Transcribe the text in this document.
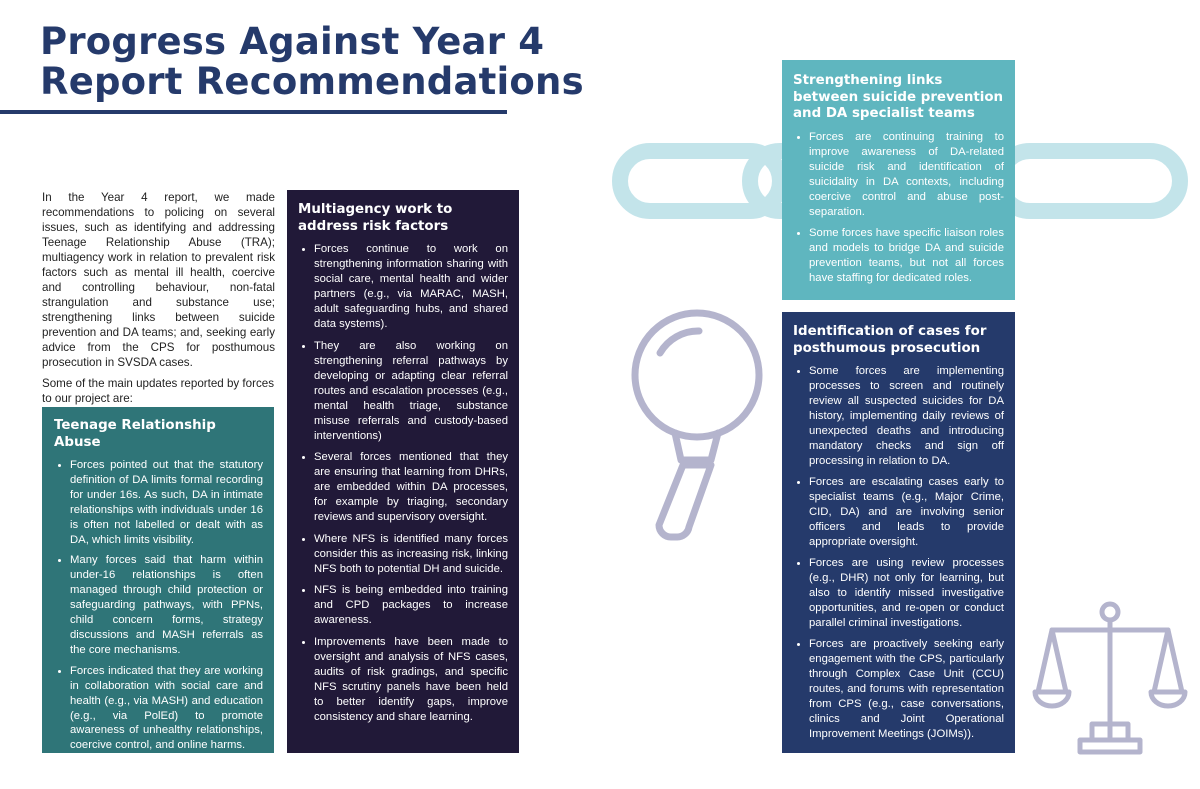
Progress Against Year 4
Report Recommendations

In the Year 4 report, we made recommendations to policing on several issues, such as identifying and addressing Teenage Relationship Abuse (TRA); multiagency work in relation to prevalent risk factors such as mental ill health, coercive and controlling behaviour, non-fatal strangulation and substance use; strengthening links between suicide prevention and DA teams; and, seeking early advice from the CPS for posthumous prosecution in SVSDA cases.

Some of the main updates reported by forces to our project are:

Teenage Relationship Abuse
• Forces pointed out that the statutory definition of DA limits formal recording for under 16s. As such, DA in intimate relationships with individuals under 16 is often not labelled or dealt with as DA, which limits visibility.
• Many forces said that harm within under-16 relationships is often managed through child protection or safeguarding pathways, with PPNs, child concern forms, strategy discussions and MASH referrals as the core mechanisms.
• Forces indicated that they are working in collaboration with social care and health (e.g., via MASH) and education (e.g., via PolEd) to promote awareness of unhealthy relationships, coercive control, and online harms.
Multiagency work to address risk factors
• Forces continue to work on strengthening information sharing with social care, mental health and wider partners (e.g., via MARAC, MASH, adult safeguarding hubs, and shared data systems).
• They are also working on strengthening referral pathways by developing or adapting clear referral routes and escalation processes (e.g., mental health triage, substance misuse referrals and custody-based interventions)
• Several forces mentioned that they are ensuring that learning from DHRs, are embedded within DA processes, for example by triaging, secondary reviews and supervisory oversight.
• Where NFS is identified many forces consider this as increasing risk, linking NFS both to potential DH and suicide.
• NFS is being embedded into training and CPD packages to increase awareness.
• Improvements have been made to oversight and analysis of NFS cases, audits of risk gradings, and specific NFS scrutiny panels have been held to better identify gaps, improve consistency and share learning.
Strengthening links between suicide prevention and DA specialist teams
• Forces are continuing training to improve awareness of DA-related suicide risk and identification of suicidality in DA contexts, including coercive control and abuse post-separation.
• Some forces have specific liaison roles and models to bridge DA and suicide prevention teams, but not all forces have staffing for dedicated roles.
Identification of cases for posthumous prosecution
• Some forces are implementing processes to screen and routinely review all suspected suicides for DA history, implementing daily reviews of unexpected deaths and introducing mandatory checks and sign off processing in relation to DA.
• Forces are escalating cases early to specialist teams (e.g., Major Crime, CID, DA) and are involving senior officers and leads to provide appropriate oversight.
• Forces are using review processes (e.g., DHR) not only for learning, but also to identify missed investigative opportunities, and re-open or conduct parallel criminal investigations.
• Forces are proactively seeking early engagement with the CPS, particularly through Complex Case Unit (CCU) routes, and forums with representation from CPS (e.g., case conversations, clinics and Joint Operational Improvement Meetings (JOIMs)).
